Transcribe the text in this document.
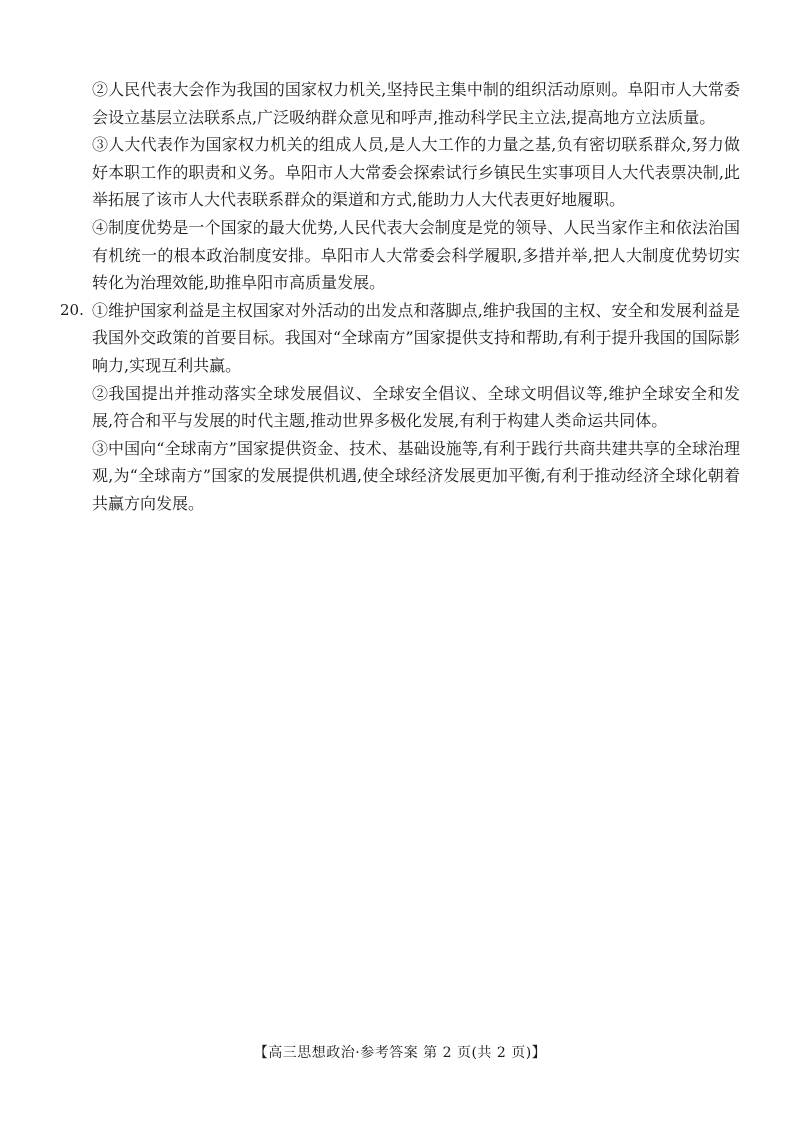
②人民代表大会作为我国的国家权力机关,坚持民主集中制的组织活动原则。阜阳市人大常委会设立基层立法联系点,广泛吸纳群众意见和呼声,推动科学民主立法,提高地方立法质量。

③人大代表作为国家权力机关的组成人员,是人大工作的力量之基,负有密切联系群众,努力做好本职工作的职责和义务。阜阳市人大常委会探索试行乡镇民生实事项目人大代表票决制,此举拓展了该市人大代表联系群众的渠道和方式,能助力人大代表更好地履职。

④制度优势是一个国家的最大优势,人民代表大会制度是党的领导、人民当家作主和依法治国有机统一的根本政治制度安排。阜阳市人大常委会科学履职,多措并举,把人大制度优势切实转化为治理效能,助推阜阳市高质量发展。

20. ①维护国家利益是主权国家对外活动的出发点和落脚点,维护我国的主权、安全和发展利益是我国外交政策的首要目标。我国对“全球南方”国家提供支持和帮助,有利于提升我国的国际影响力,实现互利共赢。

②我国提出并推动落实全球发展倡议、全球安全倡议、全球文明倡议等,维护全球安全和发展,符合和平与发展的时代主题,推动世界多极化发展,有利于构建人类命运共同体。

③中国向“全球南方”国家提供资金、技术、基础设施等,有利于践行共商共建共享的全球治理观,为“全球南方”国家的发展提供机遇,使全球经济发展更加平衡,有利于推动经济全球化朝着共赢方向发展。

【高三思想政治·参考答案 第 2 页(共 2 页)】
